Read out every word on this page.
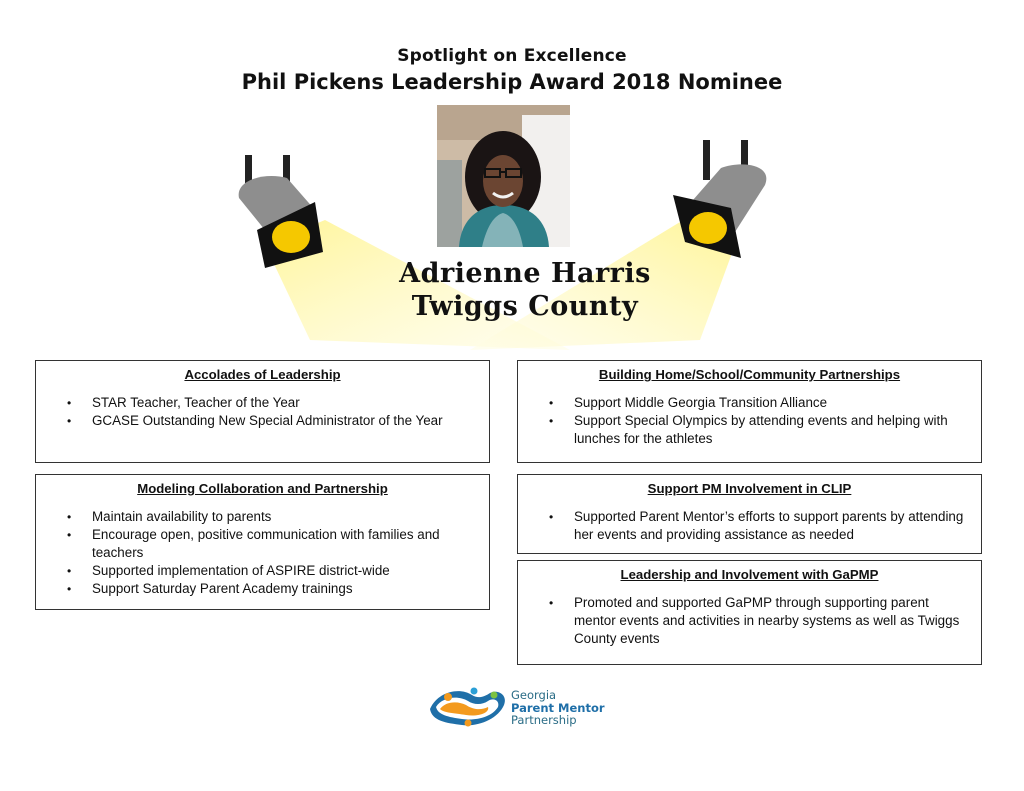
Spotlight on Excellence
Phil Pickens Leadership Award 2018 Nominee
Adrienne Harris
Twiggs County
Accolades of Leadership
• STAR Teacher, Teacher of the Year
• GCASE Outstanding New Special Administrator of the Year
Building Home/School/Community Partnerships
• Support Middle Georgia Transition Alliance
• Support Special Olympics by attending events and helping with lunches for the athletes
Modeling Collaboration and Partnership
• Maintain availability to parents
• Encourage open, positive communication with families and teachers
• Supported implementation of ASPIRE district-wide
• Support Saturday Parent Academy trainings
Support PM Involvement in CLIP
• Supported Parent Mentor’s efforts to support parents by attending her events and providing assistance as needed
Leadership and Involvement with GaPMP
• Promoted and supported GaPMP through supporting parent mentor events and activities in nearby systems as well as Twiggs County events
Georgia
Parent Mentor
Partnership
